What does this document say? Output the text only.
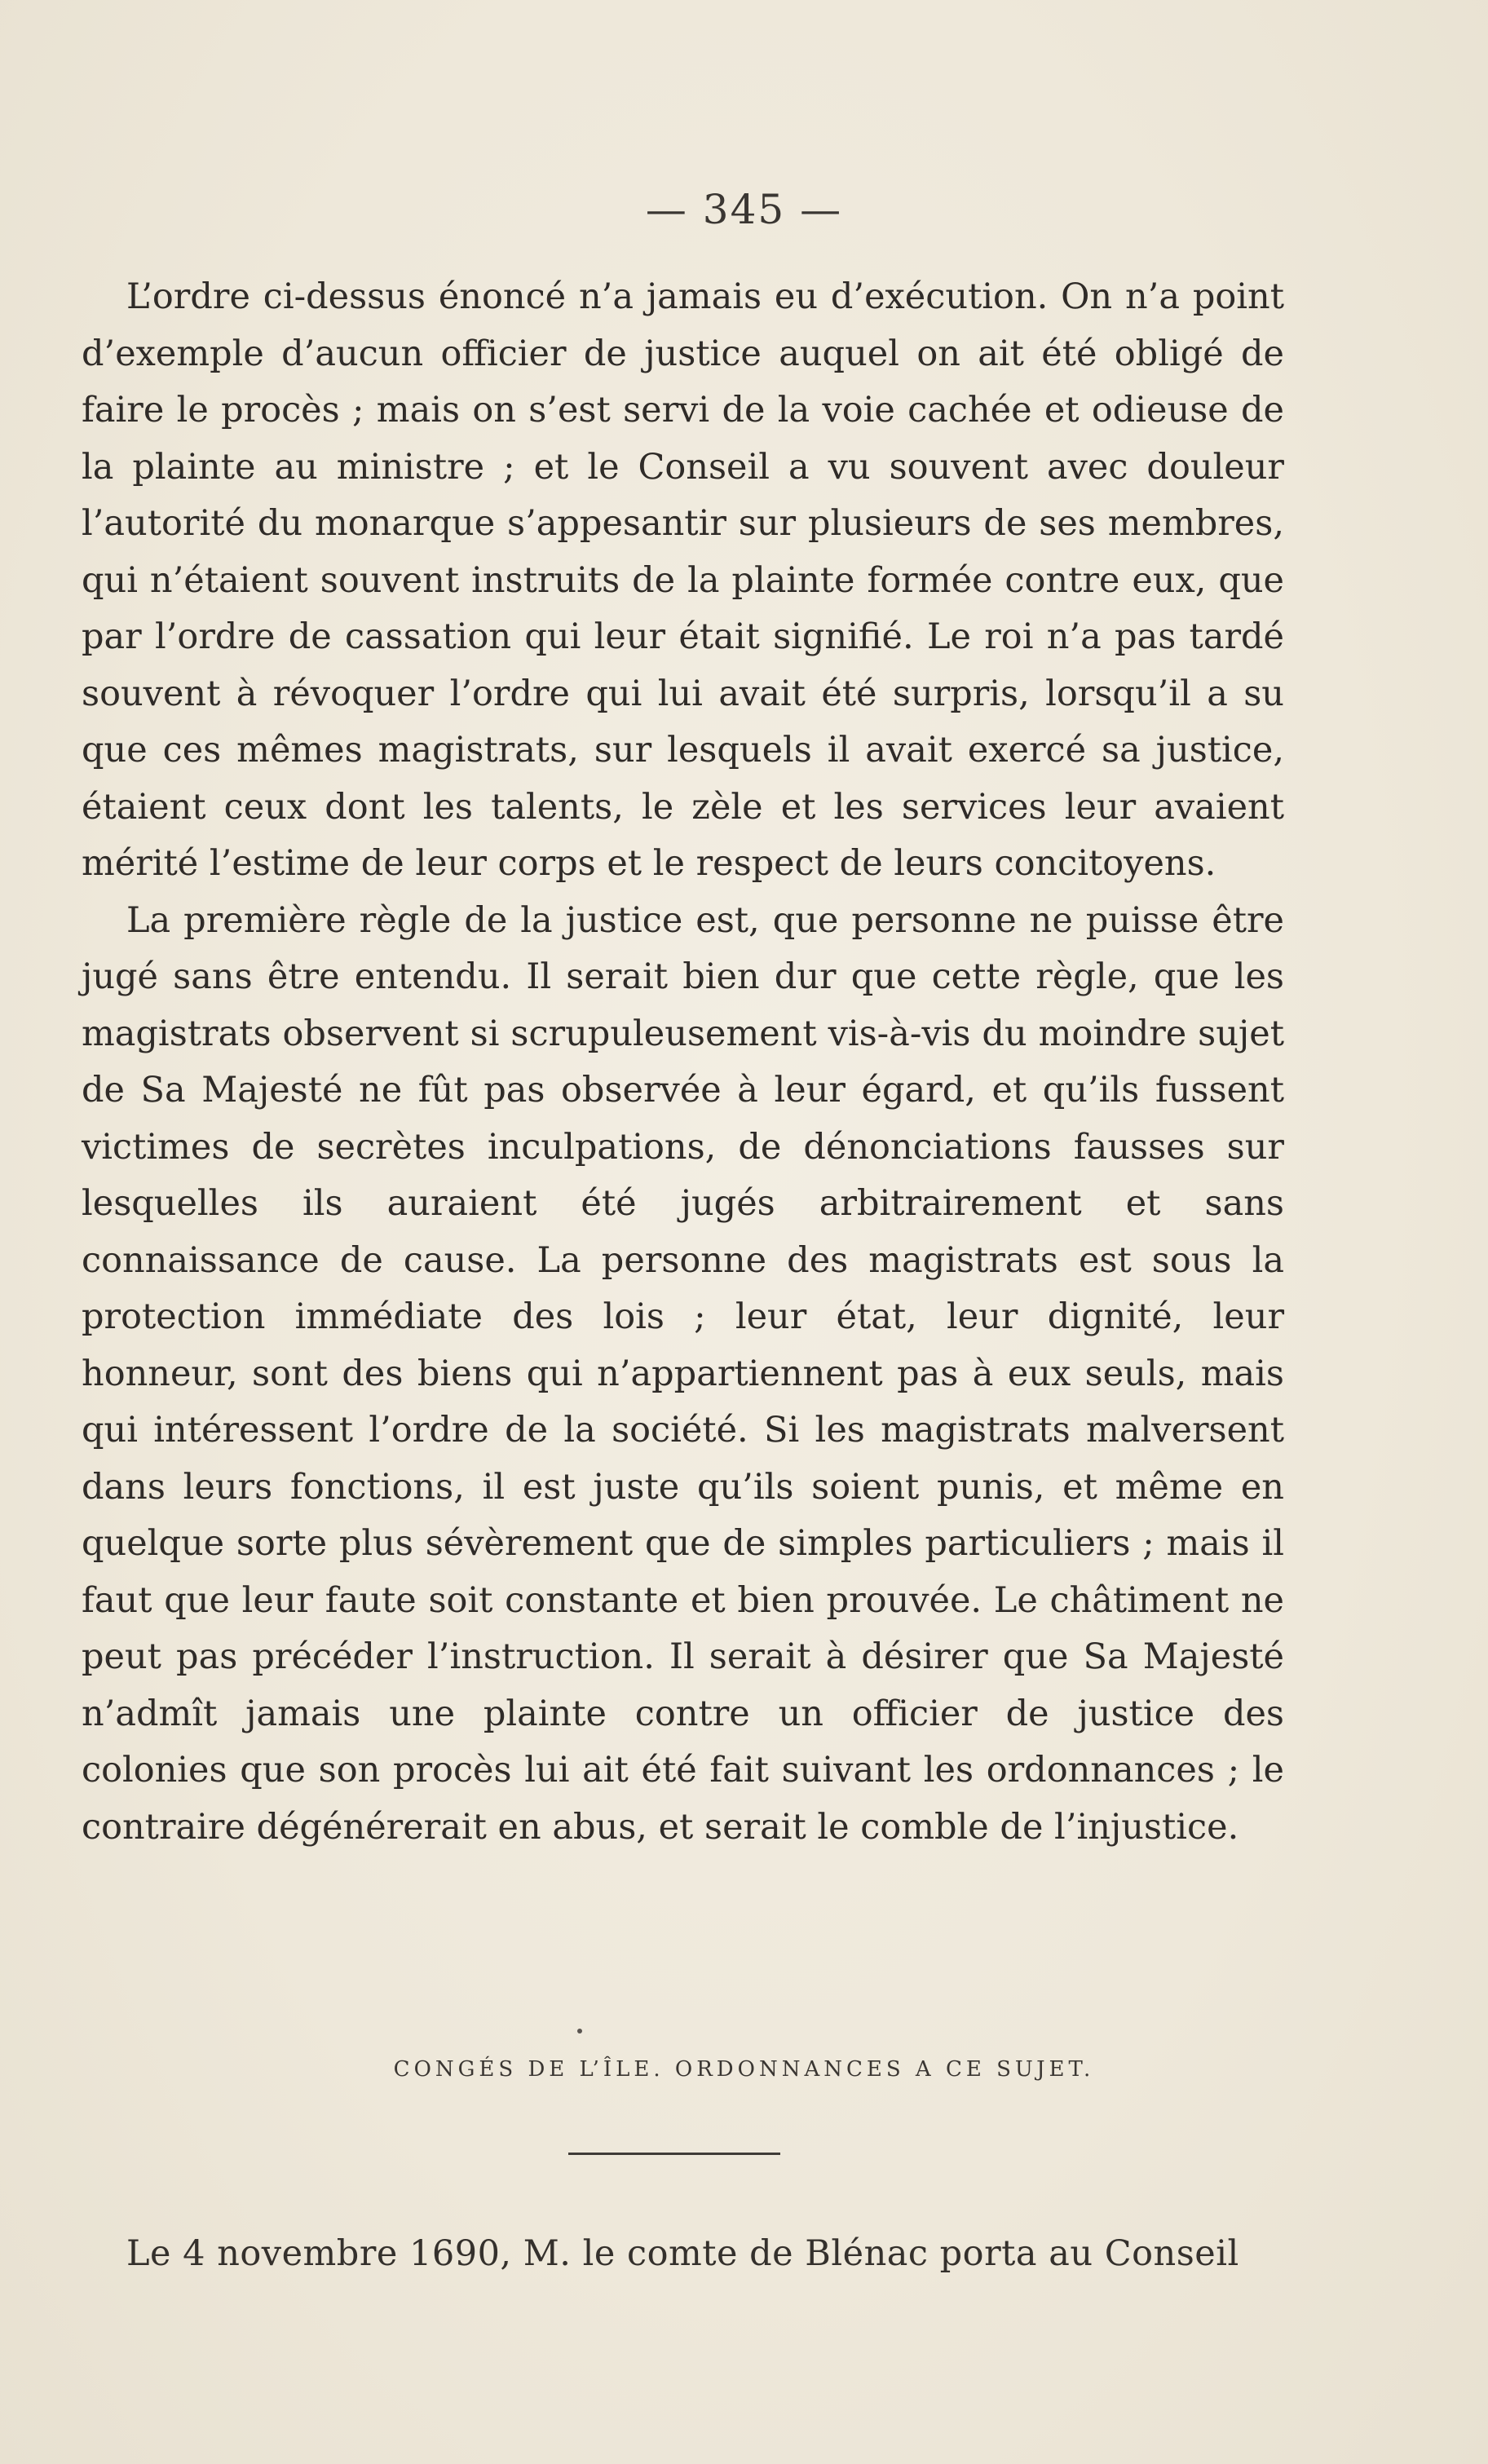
— 345 —

L’ordre ci-dessus énoncé n’a jamais eu d’exécution. On n’a point d’exemple d’aucun officier de justice auquel on ait été obligé de faire le procès ; mais on s’est servi de la voie cachée et odieuse de la plainte au ministre ; et le Conseil a vu souvent avec douleur l’autorité du monarque s’appesantir sur plusieurs de ses membres, qui n’étaient souvent instruits de la plainte formée contre eux, que par l’ordre de cassation qui leur était signifié. Le roi n’a pas tardé souvent à révoquer l’ordre qui lui avait été surpris, lorsqu’il a su que ces mêmes magistrats, sur lesquels il avait exercé sa justice, étaient ceux dont les talents, le zèle et les services leur avaient mérité l’estime de leur corps et le respect de leurs concitoyens.

La première règle de la justice est, que personne ne puisse être jugé sans être entendu. Il serait bien dur que cette règle, que les magistrats observent si scrupuleusement vis-à-vis du moindre sujet de Sa Majesté ne fût pas observée à leur égard, et qu’ils fussent victimes de secrètes inculpations, de dénonciations fausses sur lesquelles ils auraient été jugés arbitrairement et sans connaissance de cause. La personne des magistrats est sous la protection immédiate des lois ; leur état, leur dignité, leur honneur, sont des biens qui n’appartiennent pas à eux seuls, mais qui intéressent l’ordre de la société. Si les magistrats malversent dans leurs fonctions, il est juste qu’ils soient punis, et même en quelque sorte plus sévèrement que de simples particuliers ; mais il faut que leur faute soit constante et bien prouvée. Le châtiment ne peut pas précéder l’instruction. Il serait à désirer que Sa Majesté n’admît jamais une plainte contre un officier de justice des colonies que son procès lui ait été fait suivant les ordonnances ; le contraire dégénérerait en abus, et serait le comble de l’injustice.

CONGÉS DE L’ÎLE. ORDONNANCES A CE SUJET.
Le 4 novembre 1690, M. le comte de Blénac porta au Conseil
